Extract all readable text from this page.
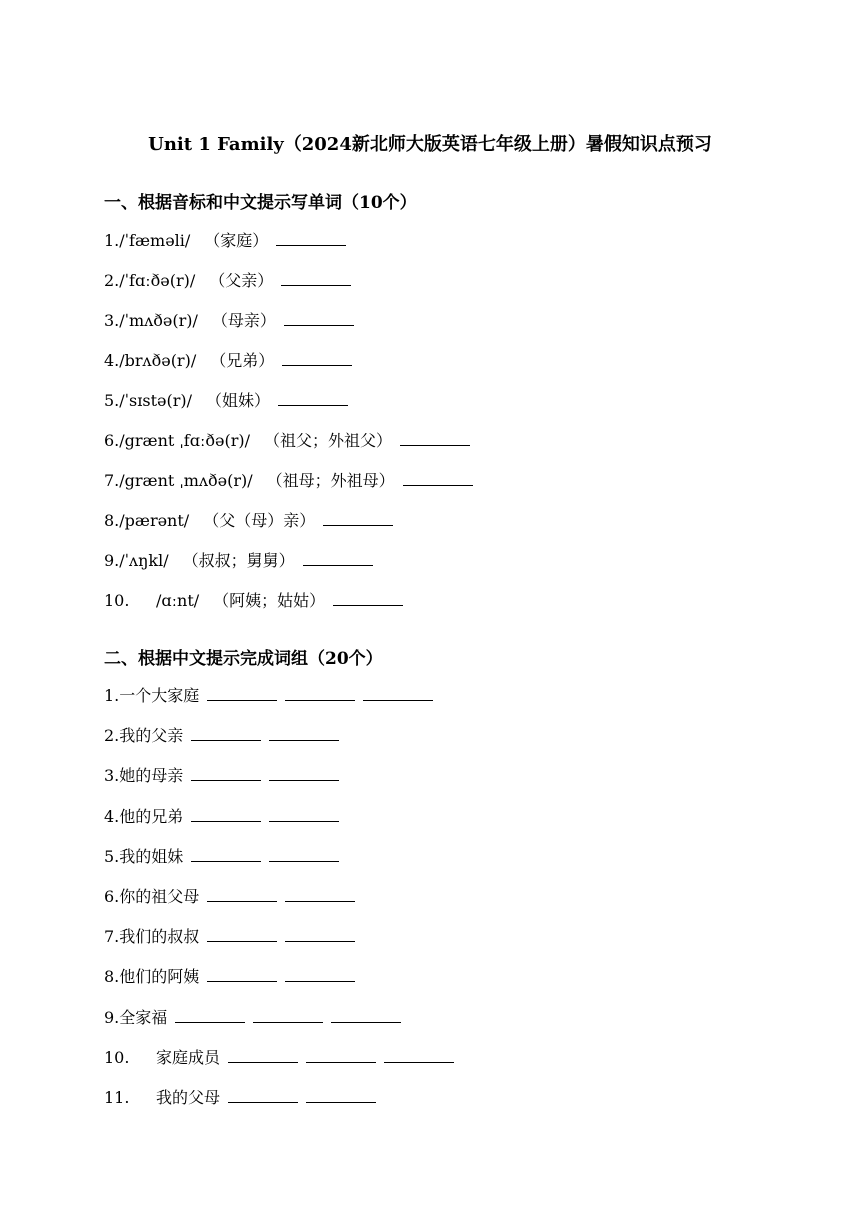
Unit 1 Family（2024新北师大版英语七年级上册）暑假知识点预习
一、根据音标和中文提示写单词（10个）
1./ˈfæməli/ （家庭）
2./ˈfɑːðə(r)/ （父亲）
3./ˈmʌðə(r)/ （母亲）
4./brʌðə(r)/ （兄弟）
5./ˈsɪstə(r)/ （姐妹）
6./grænt ˌfɑːðə(r)/ （祖父；外祖父）
7./grænt ˌmʌðə(r)/ （祖母；外祖母）
8./pærənt/ （父（母）亲）
9./ˈʌŋkl/ （叔叔；舅舅）
10. /ɑːnt/ （阿姨；姑姑）
二、根据中文提示完成词组（20个）
1.一个大家庭
2.我的父亲
3.她的母亲
4.他的兄弟
5.我的姐妹
6.你的祖父母
7.我们的叔叔
8.他们的阿姨
9.全家福
10. 家庭成员
11. 我的父母
